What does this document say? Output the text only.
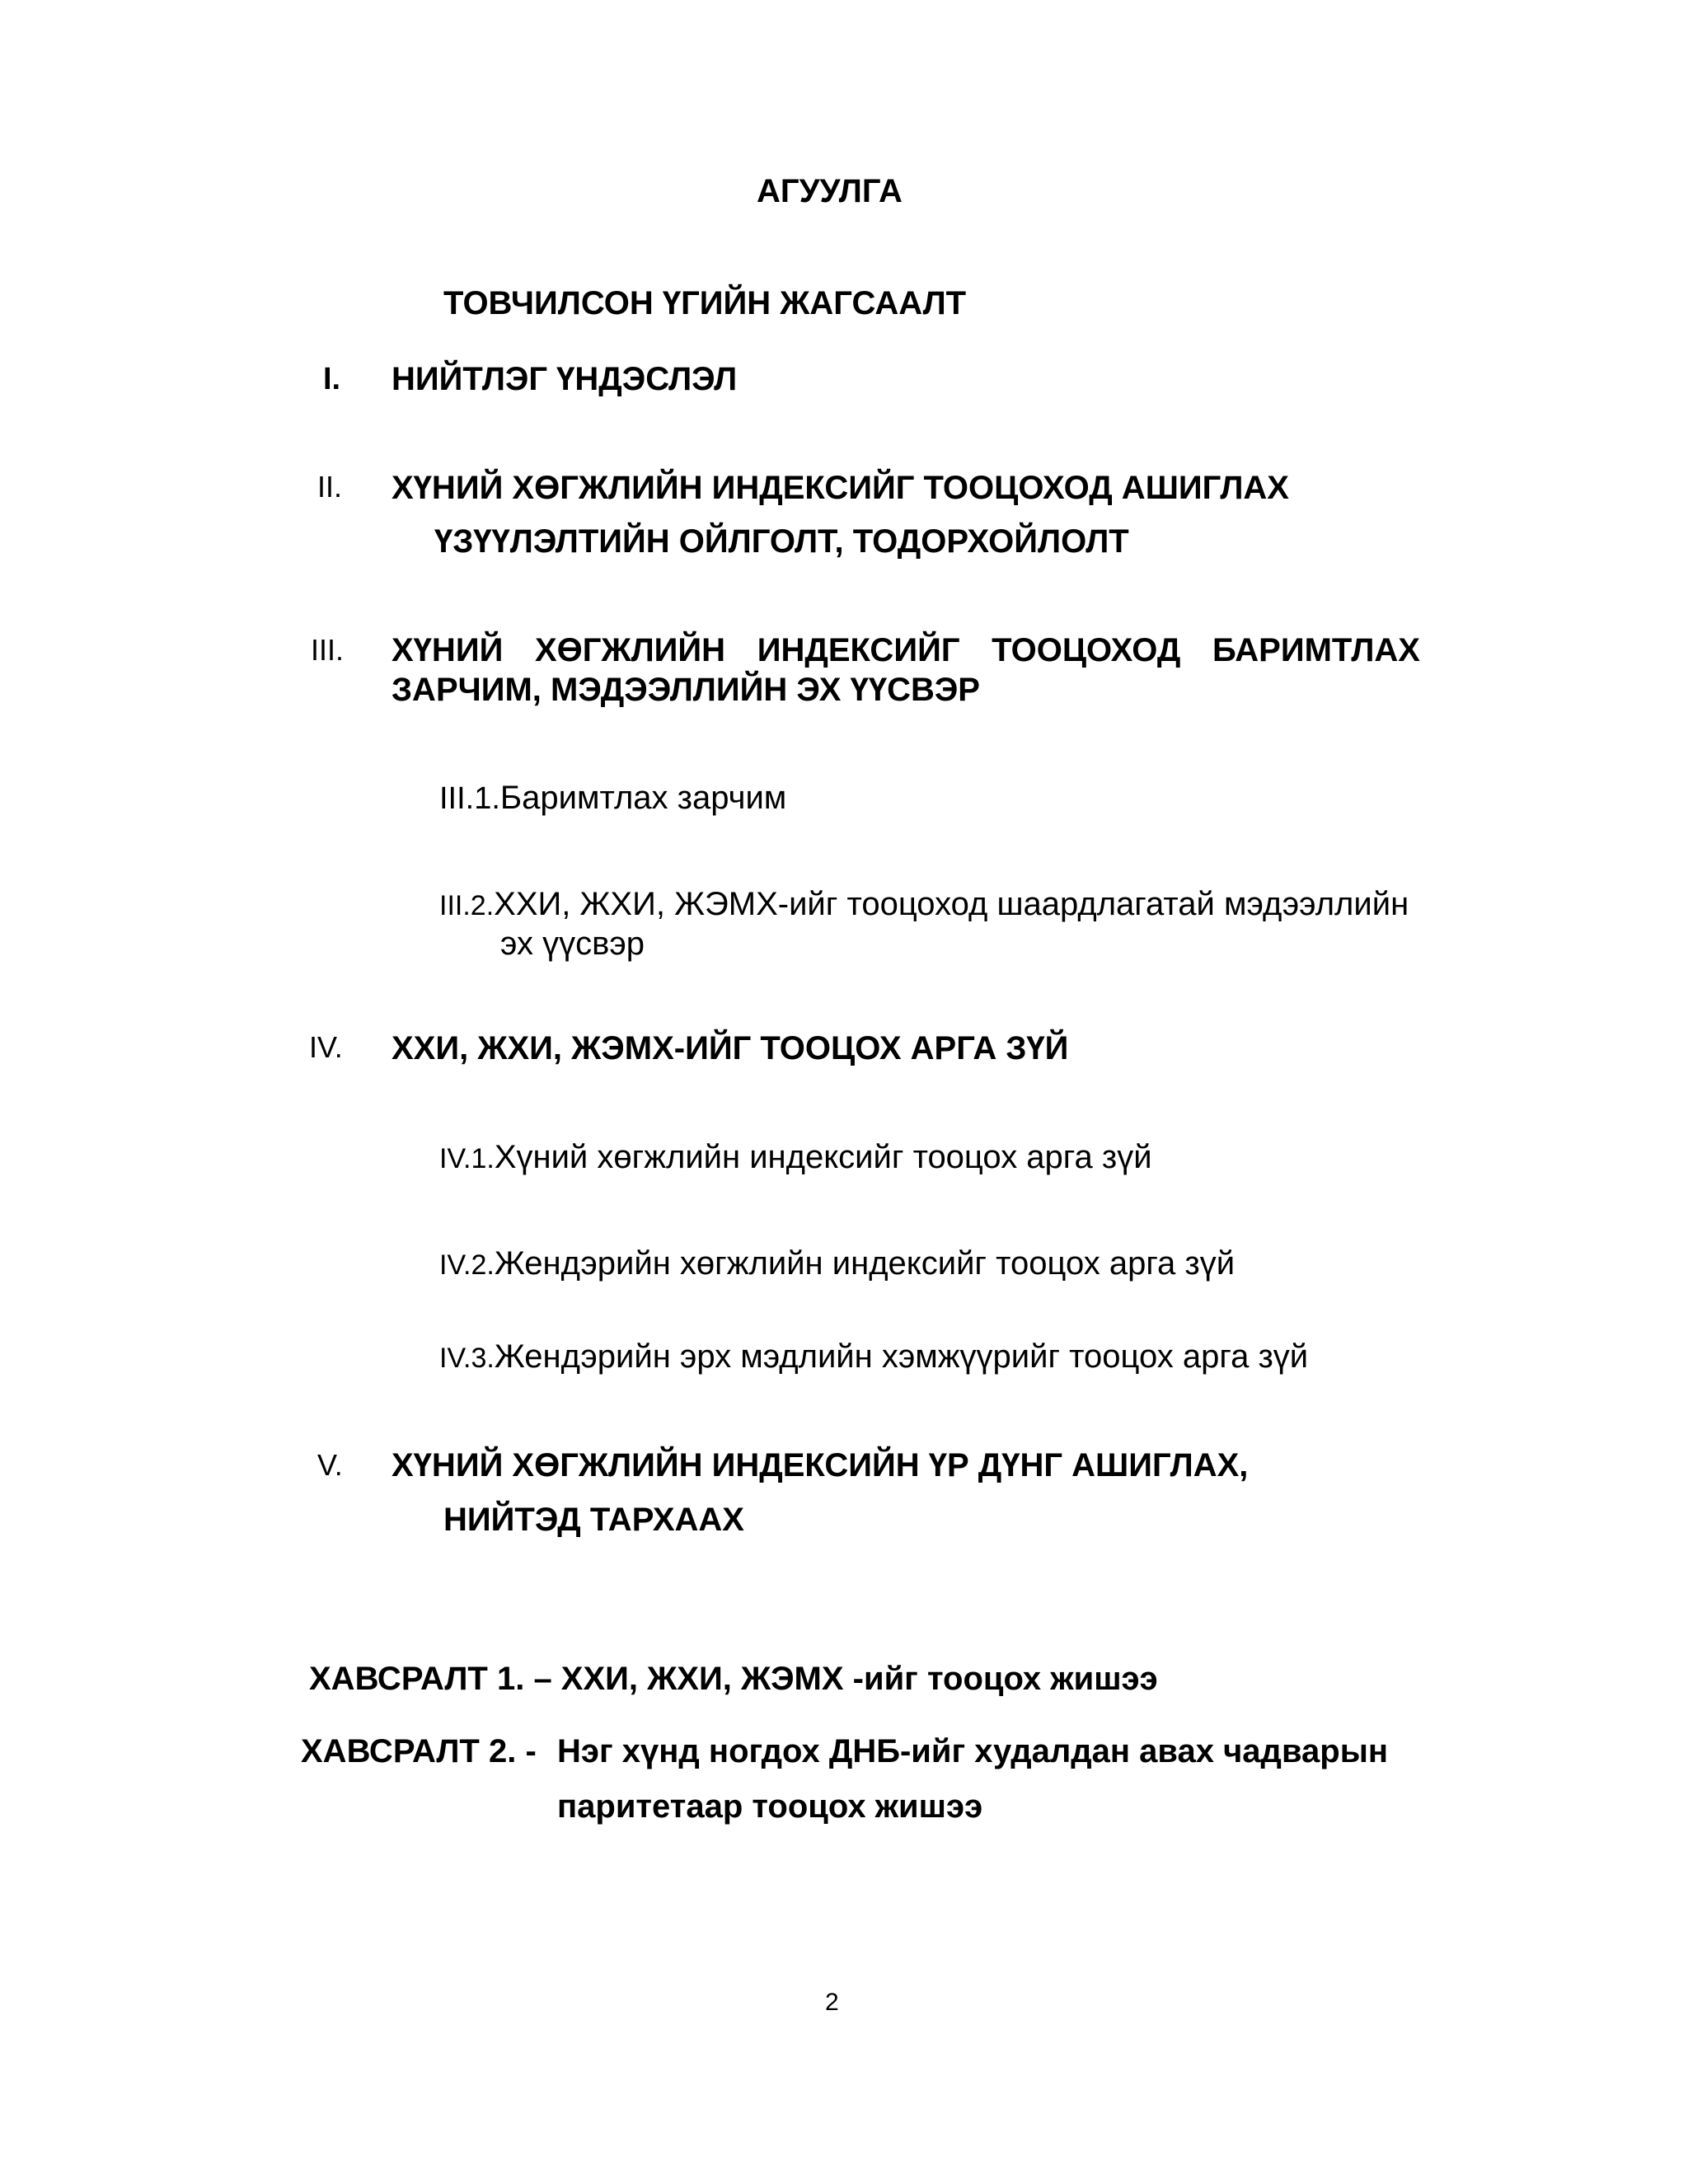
АГУУЛГА
ТОВЧИЛСОН ҮГИЙН ЖАГСААЛТ
I. НИЙТЛЭГ ҮНДЭСЛЭЛ
II. ХҮНИЙ ХӨГЖЛИЙН ИНДЕКСИЙГ ТООЦОХОД АШИГЛАХ
ҮЗҮҮЛЭЛТИЙН ОЙЛГОЛТ, ТОДОРХОЙЛОЛТ
III. ХҮНИЙ ХӨГЖЛИЙН ИНДЕКСИЙГ ТООЦОХОД БАРИМТЛАХ
ЗАРЧИМ, МЭДЭЭЛЛИЙН ЭХ ҮҮСВЭР
III.1.Баримтлах зарчим
III.2.ХХИ, ЖХИ, ЖЭМХ-ийг тооцоход шаардлагатай мэдээллийн
эх үүсвэр
IV. ХХИ, ЖХИ, ЖЭМХ-ИЙГ ТООЦОХ АРГА ЗҮЙ
IV.1.Хүний хөгжлийн индексийг тооцох арга зүй
IV.2.Жендэрийн хөгжлийн индексийг тооцох арга зүй
IV.3.Жендэрийн эрх мэдлийн хэмжүүрийг тооцох арга зүй
V. ХҮНИЙ ХӨГЖЛИЙН ИНДЕКСИЙН ҮР ДҮНГ АШИГЛАХ,
НИЙТЭД ТАРХААХ
ХАВСРАЛТ 1. – ХХИ, ЖХИ, ЖЭМХ -ийг тооцох жишээ
ХАВСРАЛТ 2. - Нэг хүнд ногдох ДНБ-ийг худалдан авах чадварын
паритетаар тооцох жишээ
2
